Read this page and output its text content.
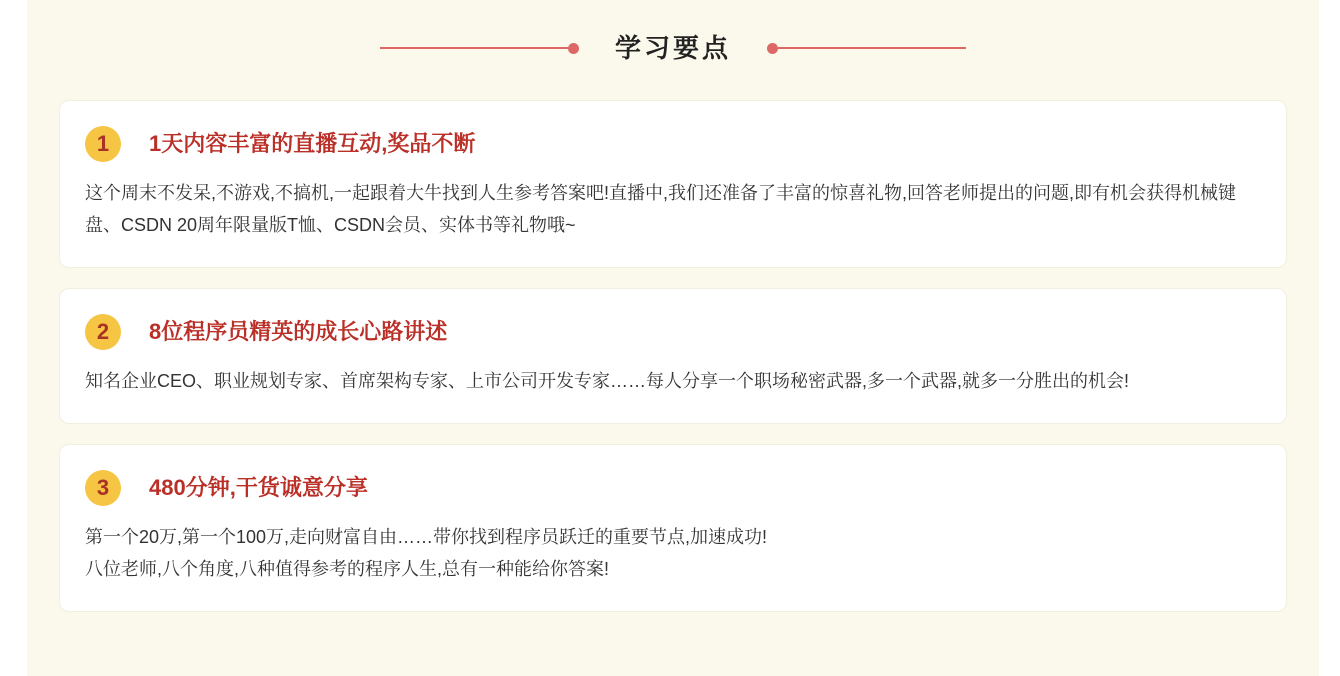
学习要点
1	1天内容丰富的直播互动,奖品不断

这个周末不发呆,不游戏,不搞机,一起跟着大牛找到人生参考答案吧!直播中,我们还准备了丰富的惊喜礼物,回答老师提出的问题,即有机会获得机械键盘、CSDN 20周年限量版T恤、CSDN会员、实体书等礼物哦~

2	8位程序员精英的成长心路讲述

知名企业CEO、职业规划专家、首席架构专家、上市公司开发专家……每人分享一个职场秘密武器,多一个武器,就多一分胜出的机会!

3	480分钟,干货诚意分享

第一个20万,第一个100万,走向财富自由……带你找到程序员跃迁的重要节点,加速成功!

八位老师,八个角度,八种值得参考的程序人生,总有一种能给你答案!
